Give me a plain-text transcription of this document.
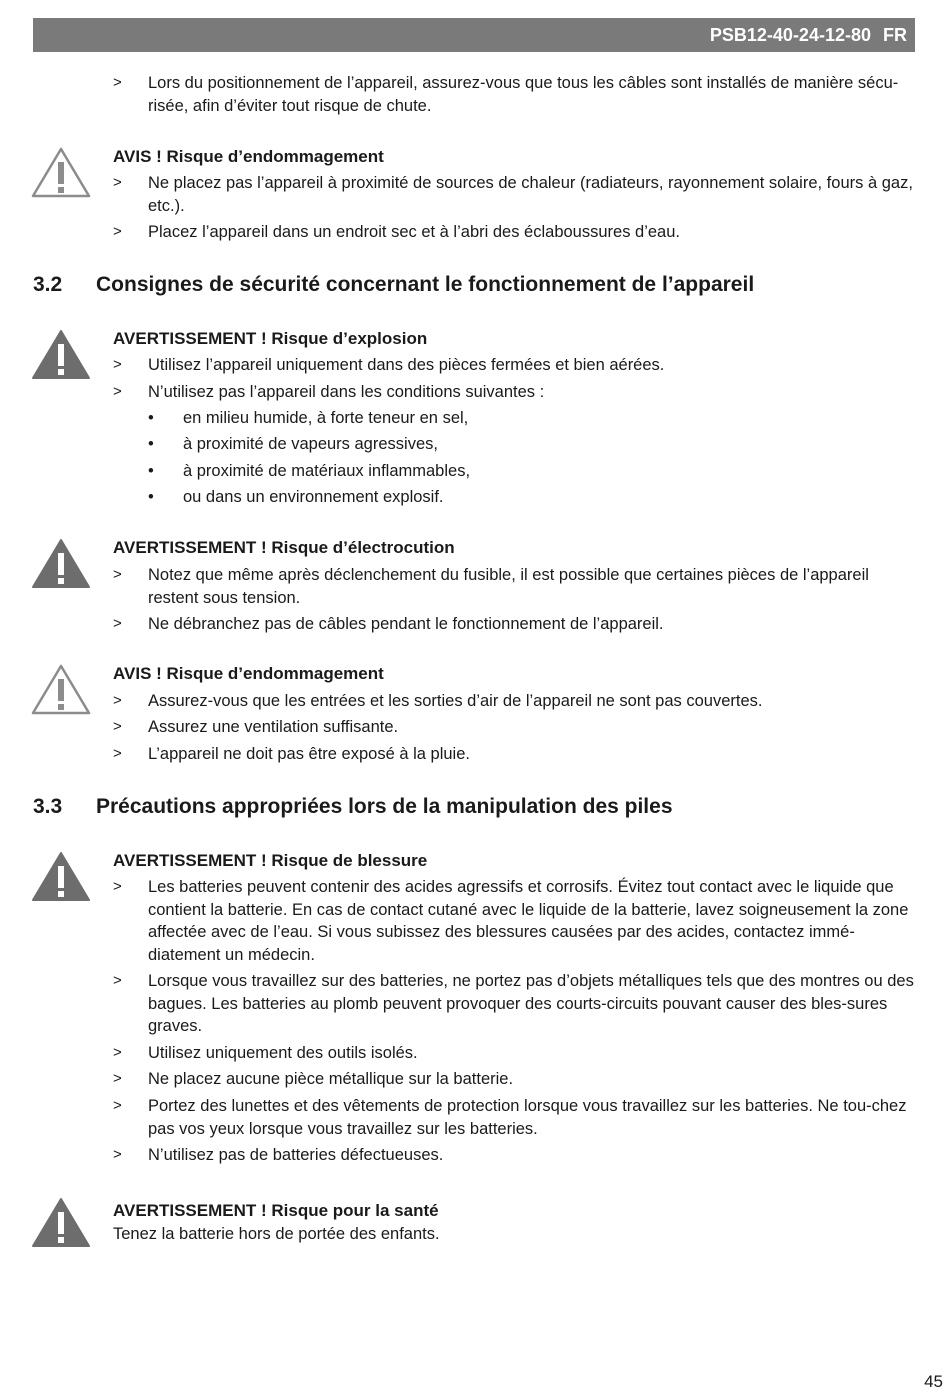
PSB12-40-24-12-80 FR
> Lors du positionnement de l’appareil, assurez-vous que tous les câbles sont installés de manière sécu-
risée, afin d’éviter tout risque de chute.
AVIS ! Risque d’endommagement
> Ne placez pas l’appareil à proximité de sources de chaleur (radiateurs, rayonnement solaire, fours à gaz, etc.).
> Placez l’appareil dans un endroit sec et à l’abri des éclaboussures d’eau.
3.2 Consignes de sécurité concernant le fonctionnement de l’appareil
AVERTISSEMENT ! Risque d’explosion
> Utilisez l’appareil uniquement dans des pièces fermées et bien aérées.
> N’utilisez pas l’appareil dans les conditions suivantes :
• en milieu humide, à forte teneur en sel,
• à proximité de vapeurs agressives,
• à proximité de matériaux inflammables,
• ou dans un environnement explosif.
AVERTISSEMENT ! Risque d’électrocution
> Notez que même après déclenchement du fusible, il est possible que certaines pièces de l’appareil restent sous tension.
> Ne débranchez pas de câbles pendant le fonctionnement de l’appareil.
AVIS ! Risque d’endommagement
> Assurez-vous que les entrées et les sorties d’air de l’appareil ne sont pas couvertes.
> Assurez une ventilation suffisante.
> L’appareil ne doit pas être exposé à la pluie.
3.3 Précautions appropriées lors de la manipulation des piles
AVERTISSEMENT ! Risque de blessure
> Les batteries peuvent contenir des acides agressifs et corrosifs. Évitez tout contact avec le liquide que contient la batterie. En cas de contact cutané avec le liquide de la batterie, lavez soigneusement la zone affectée avec de l’eau. Si vous subissez des blessures causées par des acides, contactez immé-diatement un médecin.
> Lorsque vous travaillez sur des batteries, ne portez pas d’objets métalliques tels que des montres ou des bagues. Les batteries au plomb peuvent provoquer des courts-circuits pouvant causer des bles-sures graves.
> Utilisez uniquement des outils isolés.
> Ne placez aucune pièce métallique sur la batterie.
> Portez des lunettes et des vêtements de protection lorsque vous travaillez sur les batteries. Ne tou-chez pas vos yeux lorsque vous travaillez sur les batteries.
> N’utilisez pas de batteries défectueuses.
AVERTISSEMENT ! Risque pour la santé
Tenez la batterie hors de portée des enfants.
45
